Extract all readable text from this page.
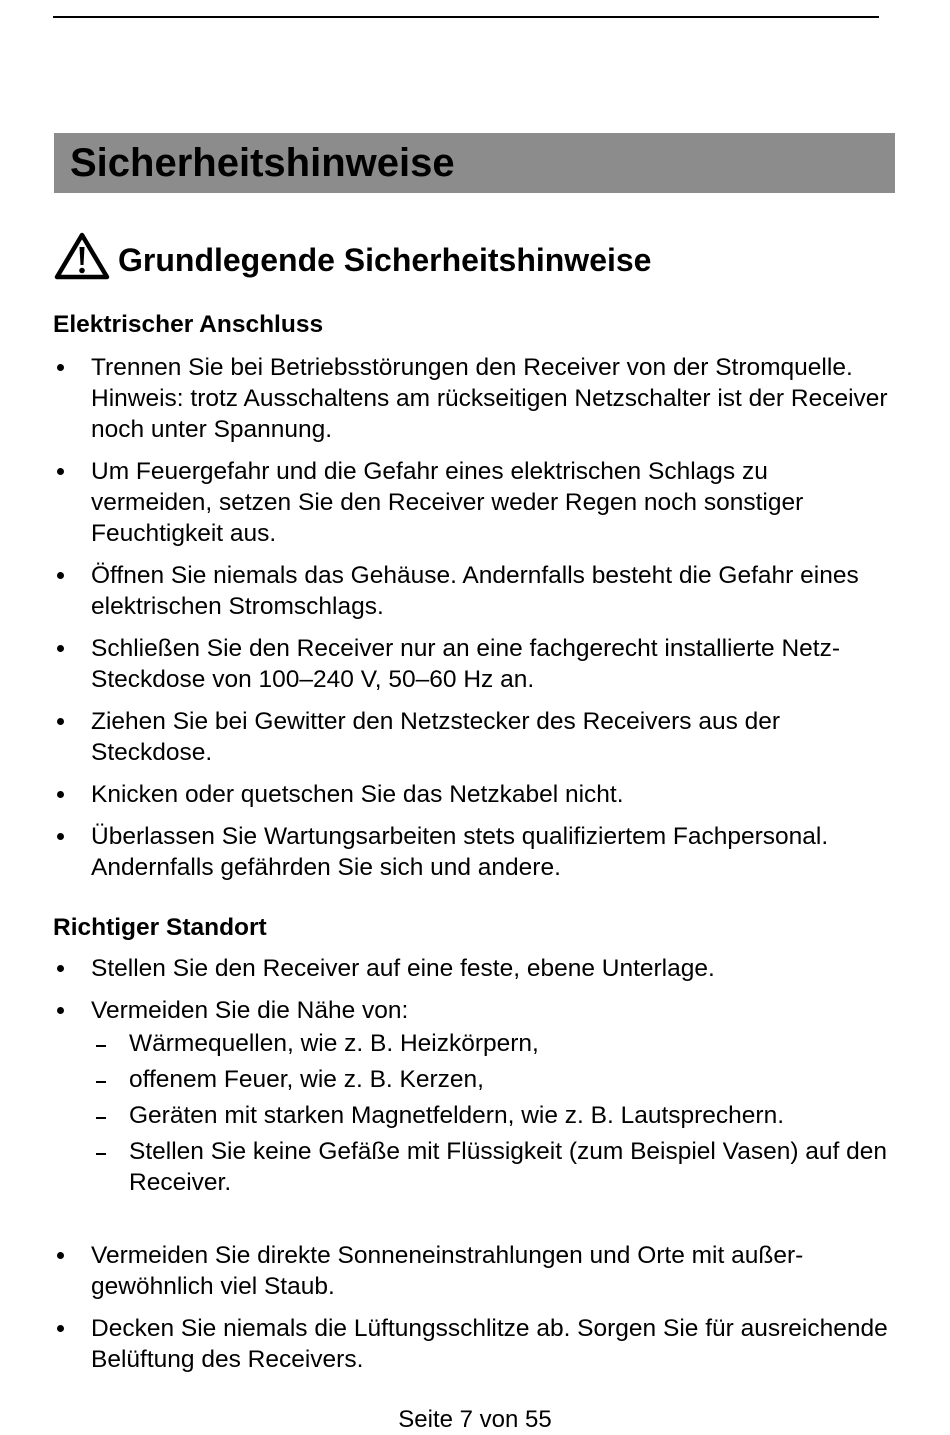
Sicherheitshinweise
Grundlegende Sicherheitshinweise
Elektrischer Anschluss
Trennen Sie bei Betriebsstörungen den Receiver von der Stromquelle. Hinweis: trotz Ausschaltens am rückseitigen Netzschalter ist der Receiver noch unter Spannung.
Um Feuergefahr und die Gefahr eines elektrischen Schlags zu vermeiden, setzen Sie den Receiver weder Regen noch sonstiger Feuchtigkeit aus.
Öffnen Sie niemals das Gehäuse. Andernfalls besteht die Gefahr eines elektrischen Stromschlags.
Schließen Sie den Receiver nur an eine fachgerecht installierte Netz-Steckdose von 100–240 V, 50–60 Hz an.
Ziehen Sie bei Gewitter den Netzstecker des Receivers aus der Steckdose.
Knicken oder quetschen Sie das Netzkabel nicht.
Überlassen Sie Wartungsarbeiten stets qualifiziertem Fachpersonal. Andernfalls gefährden Sie sich und andere.
Richtiger Standort
Stellen Sie den Receiver auf eine feste, ebene Unterlage.
Vermeiden Sie die Nähe von:
Wärmequellen, wie z. B. Heizkörpern,
offenem Feuer, wie z. B. Kerzen,
Geräten mit starken Magnetfeldern, wie z. B. Lautsprechern.
Stellen Sie keine Gefäße mit Flüssigkeit (zum Beispiel Vasen) auf den Receiver.
Vermeiden Sie direkte Sonneneinstrahlungen und Orte mit außer-gewöhnlich viel Staub.
Decken Sie niemals die Lüftungsschlitze ab. Sorgen Sie für ausreichende Belüftung des Receivers.
Seite 7 von 55
